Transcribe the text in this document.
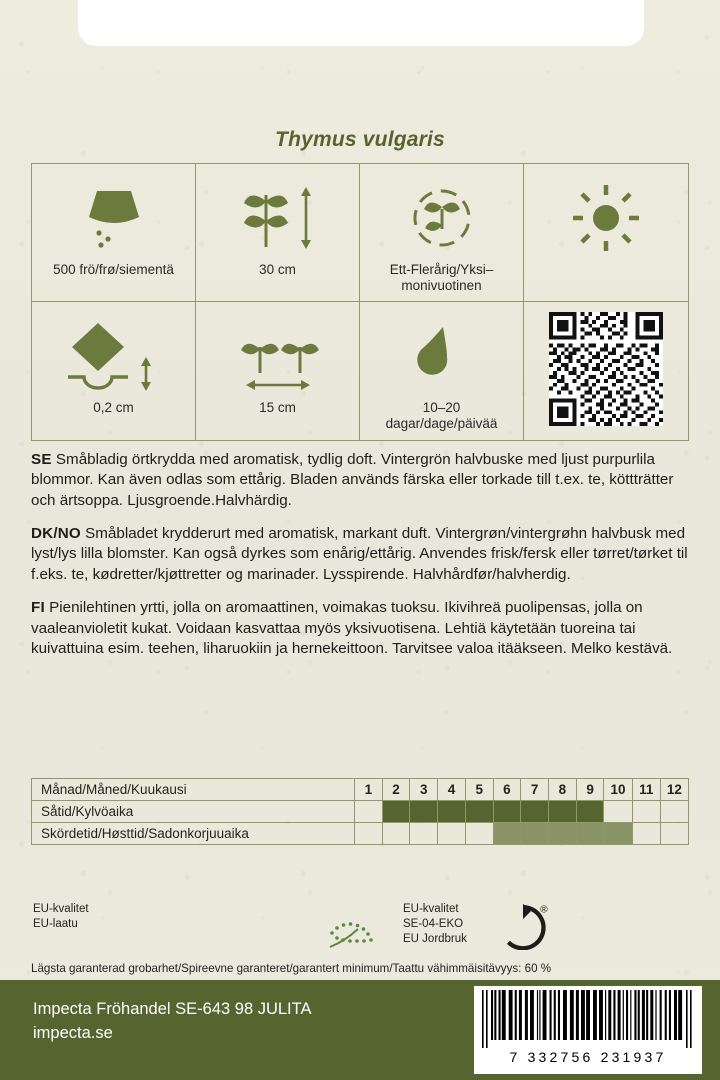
Thymus vulgaris
500 frö/frø/siementä	30 cm	Ett-Flerårig/Yksi–
monivuotinen
0,2 cm	15 cm	10–20
dagar/dage/päivää
SE Småbladig örtkrydda med aromatisk, tydlig doft. Vintergrön halvbuske med ljust purpurlila blommor. Kan även odlas som ettårig. Bladen används färska eller torkade till t.ex. te, köttträtter och ärtsoppa. Ljusgroende.Halvhärdig.
DK/NO Småbladet krydderurt med aromatisk, markant duft. Vintergrøn/vintergrøhn halvbusk med lyst/lys lilla blomster. Kan også dyrkes som enårig/ettårig. Anvendes frisk/fersk eller tørret/tørket til f.eks. te, kødretter/kjøttretter og marinader. Lysspirende. Halvhårdfør/halvherdig.
FI Pienilehtinen yrtti, jolla on aromaattinen, voimakas tuoksu. Ikivihreä puolipensas, jolla on vaaleanvioletit kukat. Voidaan kasvattaa myös yksivuotisena. Lehtiä käytetään tuoreina tai kuivattuina esim. teehen, liharuokiin ja hernekeittoon. Tarvitsee valoa itääkseen. Melko kestävä.
Månad/Måned/Kuukausi	1	2	3	4	5	6	7	8	9	10	11	12
Såtid/Kylvöaika												
Skördetid/Høsttid/Sadonkorjuuaika												
EU-kvalitet
EU-laatu
EU-kvalitet
SE-04-EKO
EU Jordbruk
®
Lägsta garanterad grobarhet/Spireevne garanteret/garantert minimum/Taattu vähimmäisitävyys: 60 %
Impecta Fröhandel SE-643 98 JULITA
impecta.se
7 332756 231937
